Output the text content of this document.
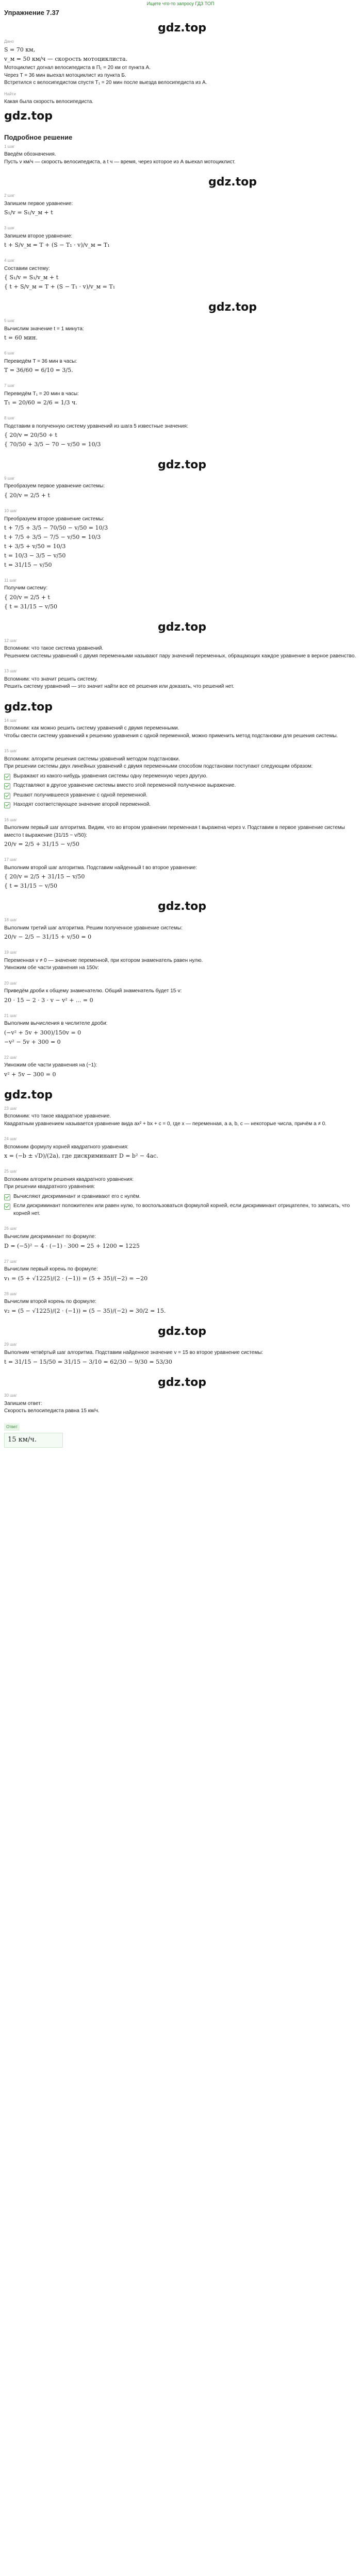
Ищете что-то запросу ГДЗ ТОП
Упражнение 7.37
gdz.top
Дано
S = 70 км,
v_м = 50 км/ч — скорость мотоциклиста.
Мотоциклист догнал велосипедиста в П₁ = 20 км от пункта А.
Через T = 36 мин выехал мотоциклист из пункта Б.
Встретился с велосипедистом спустя T₁ = 20 мин после выезда велосипедиста из А.
Найти
Какая была скорость велосипедиста.
gdz.top
Подробное решение
1 шаг
Введём обозначения.
Пусть v км/ч — скорость велосипедиста, а t ч — время, через которое из А выехал мотоциклист.
gdz.top
2 шаг
Запишем первое уравнение:
S₁/v = S₁/v_м + t
3 шаг
Запишем второе уравнение:
t + S/v_м = T + (S − T₁ · v)/v_м = T₁
4 шаг
Составим систему:
{ S₁/v = S₁/v_м + t
{ t + S/v_м = T + (S − T₁ · v)/v_м = T₁
gdz.top
5 шаг
Вычислим значение t = 1 минута:
t = 60 мин.
6 шаг
Переведём T = 36 мин в часы:
T = 36/60 = 6/10 = 3/5.
7 шаг
Переведём T₁ = 20 мин в часы:
T₁ = 20/60 = 2/6 = 1/3 ч.
8 шаг
Подставим в полученную систему уравнений из шага 5 известные значения:
{ 20/v = 20/50 + t
{ 70/50 + 3/5 − 70 − v/50 = 10/3
gdz.top
9 шаг
Преобразуем первое уравнение системы:
{ 20/v = 2/5 + t
10 шаг
Преобразуем второе уравнение системы:
t + 7/5 + 3/5 − 70/50 − v/50 = 10/3
t + 7/5 + 3/5 − 7/5 − v/50 = 10/3
t + 3/5 + v/50 = 10/3
t = 10/3 − 3/5 − v/50
t = 31/15 − v/50
11 шаг
Получим систему:
{ 20/v = 2/5 + t
{ t = 31/15 − v/50
gdz.top
12 шаг
Вспомним: что такое система уравнений.
Решением системы уравнений с двумя переменными называют пару значений переменных, обращающих каждое уравнение в верное равенство.
13 шаг
Вспомним: что значит решить систему.
Решить систему уравнений — это значит найти все её решения или доказать, что решений нет.
gdz.top
14 шаг
Вспомним: как можно решить систему уравнений с двумя переменными.
Чтобы свести систему уравнений к решению уравнения с одной переменной, можно применить метод подстановки для решения системы.
15 шаг
Вспомним: алгоритм решения системы уравнений методом подстановки.
При решении системы двух линейных уравнений с двумя переменными способом подстановки поступают следующим образом:
Выражают из какого-нибудь уравнения системы одну переменную через другую.
Подставляют в другое уравнение системы вместо этой переменной полученное выражение.
Решают получившееся уравнение с одной переменной.
Находят соответствующее значение второй переменной.
16 шаг
Выполним первый шаг алгоритма. Видим, что во втором уравнении переменная t выражена через v. Подставим в первое уравнение системы вместо t выражение (31/15 − v/50):
20/v = 2/5 + 31/15 − v/50
17 шаг
Выполним второй шаг алгоритма. Подставим найденный t во второе уравнение:
{ 20/v = 2/5 + 31/15 − v/50
{ t = 31/15 − v/50
gdz.top
18 шаг
Выполним третий шаг алгоритма. Решим полученное уравнение системы:
20/v − 2/5 − 31/15 + v/50 = 0
19 шаг
Переменная v ≠ 0 — значение переменной, при котором знаменатель равен нулю.
Умножим обе части уравнения на 150v:
20 шаг
Приведём дроби к общему знаменателю. Общий знаменатель будет 15·v:
20 · 15 − 2 · 3 · v − v² + ... = 0
21 шаг
Выполним вычисления в числителе дроби:
(−v² + 5v + 300)/150v = 0
−v² − 5v + 300 = 0
22 шаг
Умножим обе части уравнения на (−1):
v² + 5v − 300 = 0
gdz.top
23 шаг
Вспомним: что такое квадратное уравнение.
Квадратным уравнением называется уравнение вида ax² + bx + c = 0, где x — переменная, а a, b, c — некоторые числа, причём a ≠ 0.
24 шаг
Вспомним формулу корней квадратного уравнения:
x = (−b ± √D)/(2a), где дискриминант D = b² − 4ac.
25 шаг
Вспомним алгоритм решения квадратного уравнения:
При решении квадратного уравнения:
Вычисляют дискриминант и сравнивают его с нулём.
Если дискриминант положителен или равен нулю, то воспользоваться формулой корней, если дискриминант отрицателен, то записать, что корней нет.
26 шаг
Вычислим дискриминант по формуле:
D = (−5)² − 4 · (−1) · 300 = 25 + 1200 = 1225
27 шаг
Вычислим первый корень по формуле:
v₁ = (5 + √1225)/(2 · (−1)) = (5 + 35)/(−2) = −20
28 шаг
Вычислим второй корень по формуле:
v₂ = (5 − √1225)/(2 · (−1)) = (5 − 35)/(−2) = 30/2 = 15.
gdz.top
29 шаг
Выполним четвёртый шаг алгоритма. Подставим найденное значение v = 15 во второе уравнение системы:
t = 31/15 − 15/50 = 31/15 − 3/10 = 62/30 − 9/30 = 53/30
gdz.top
30 шаг
Запишем ответ:
Скорость велосипедиста равна 15 км/ч.
Ответ
15 км/ч.
